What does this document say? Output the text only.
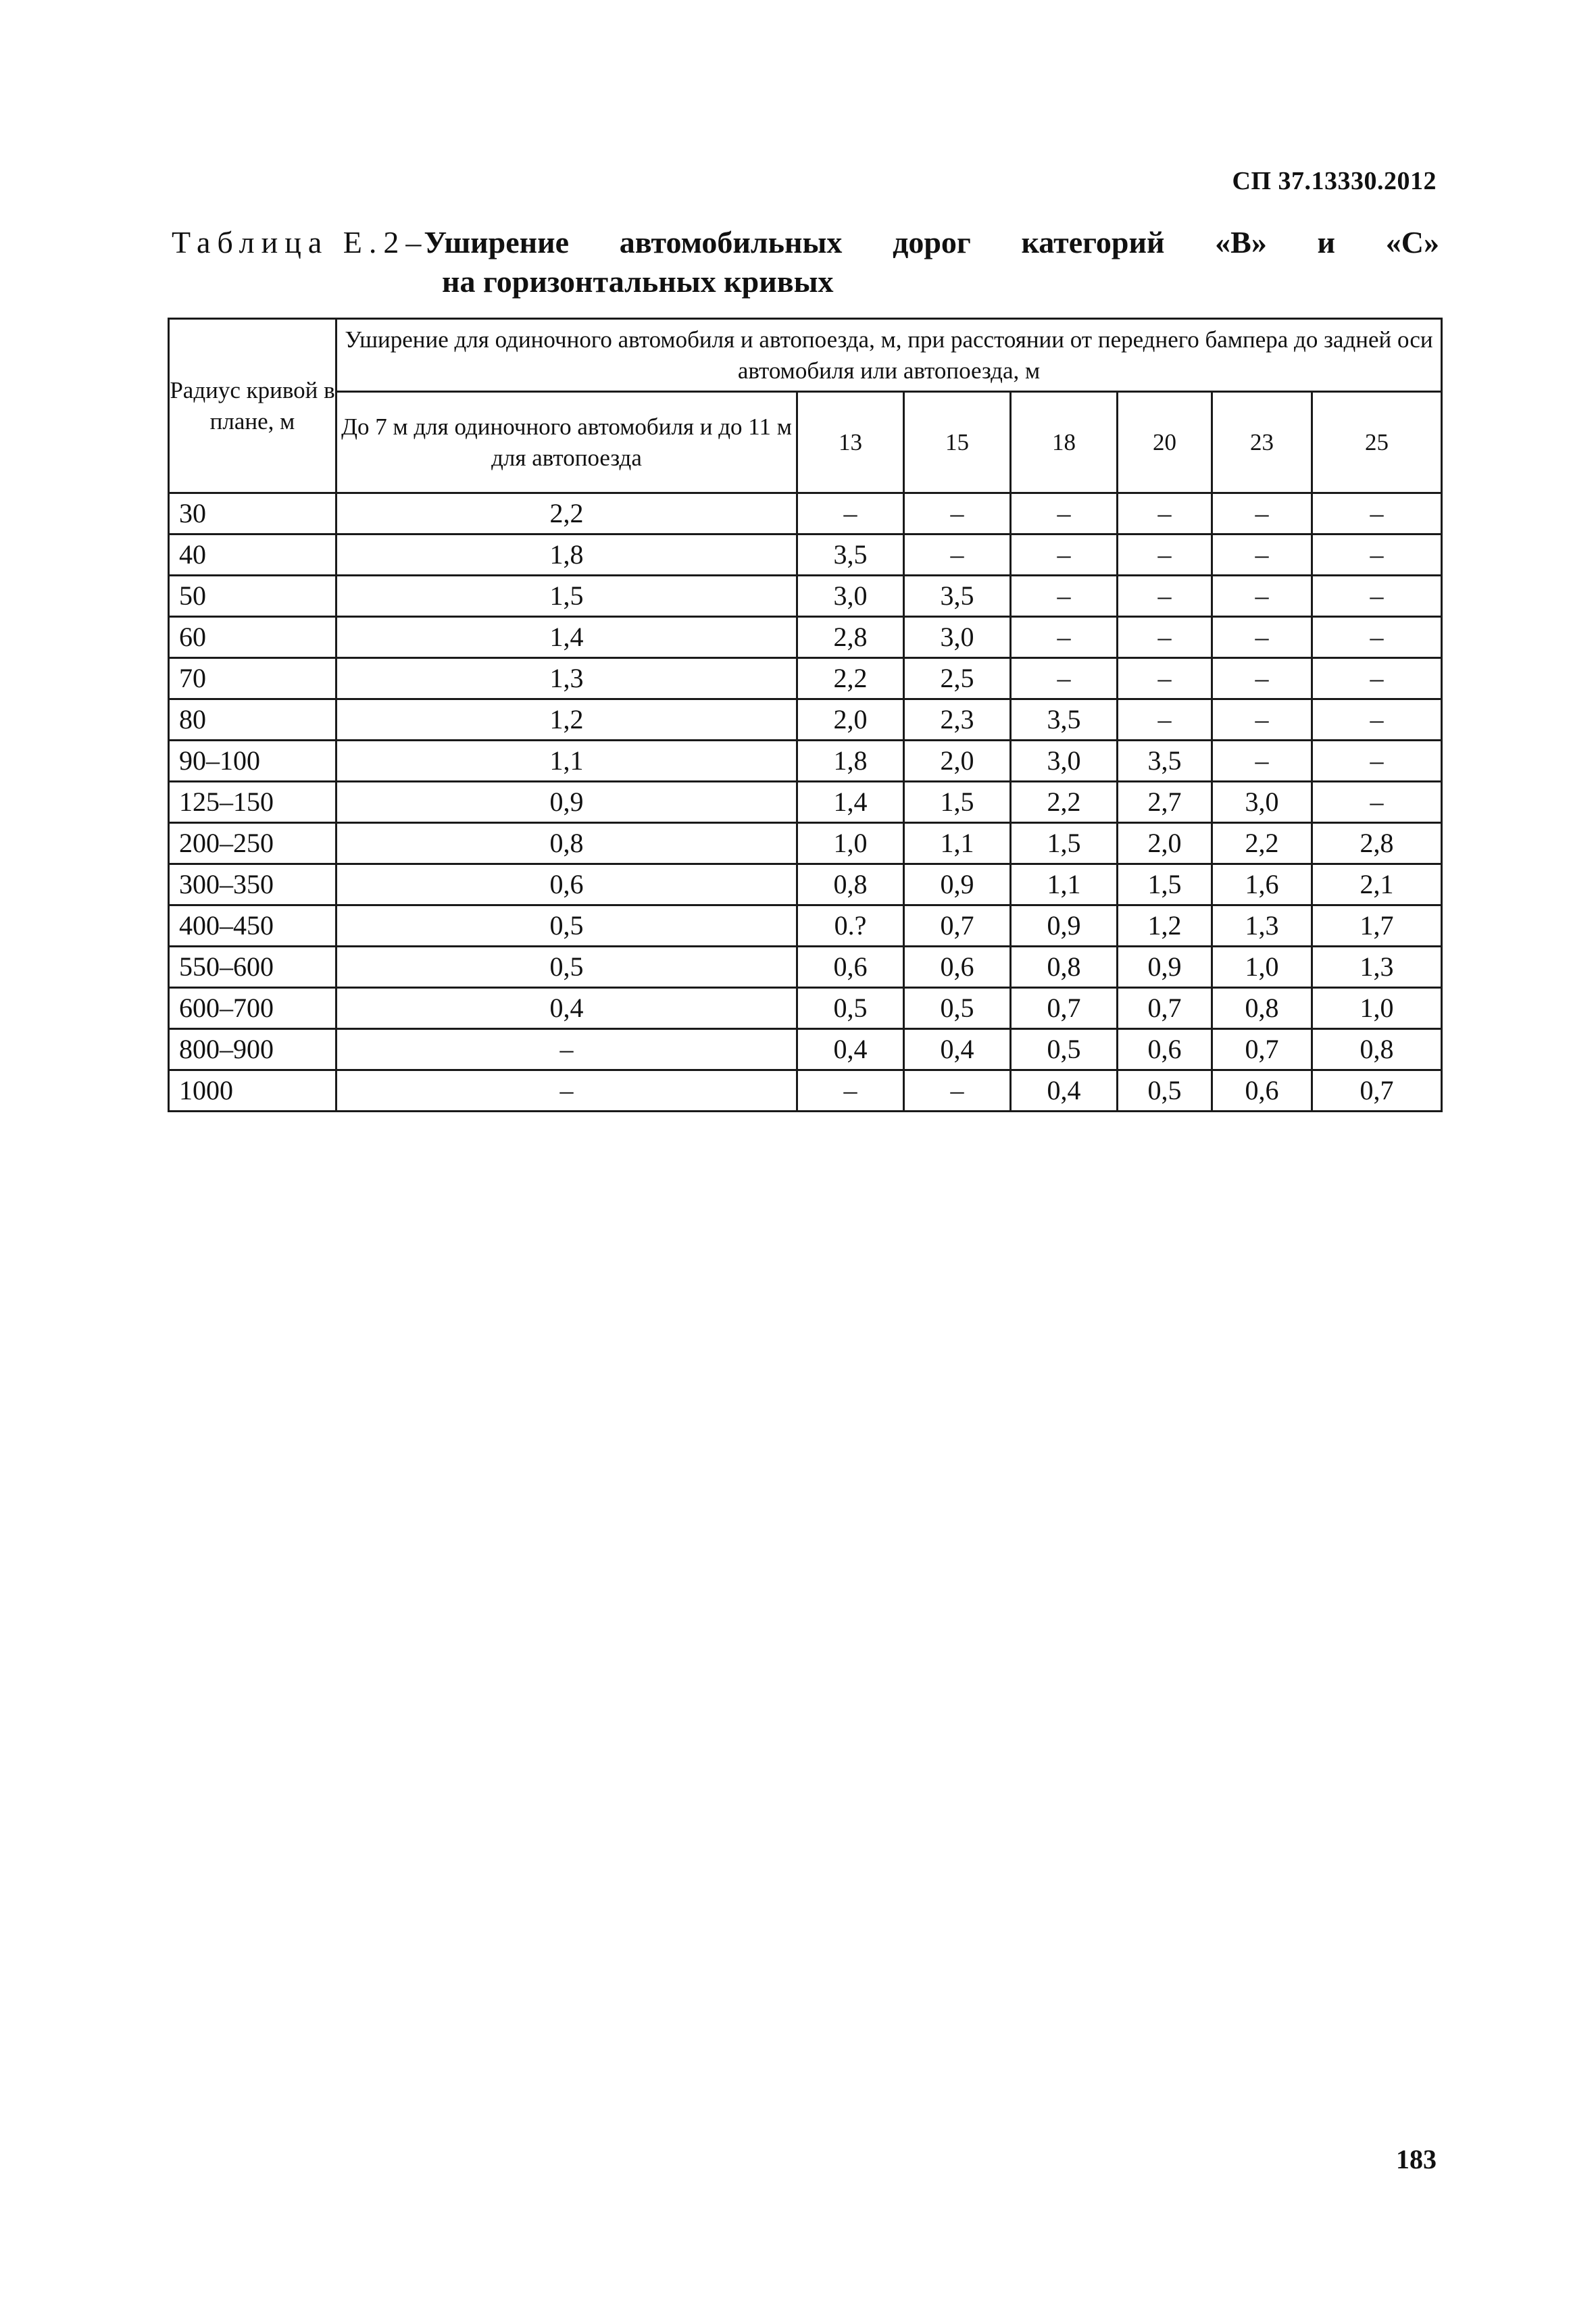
СП 37.13330.2012
Таблица Е.2 – Уширение автомобильных дорог категорий «В» и «С»
на горизонтальных кривых
Радиус кривой в плане, м	Уширение для одиночного автомобиля и автопоезда, м, при расстоянии от переднего бампера до задней оси автомобиля или автопоезда, м						
	До 7 м для одиночного автомобиля и до 11 м для автопоезда	13	15	18	20	23	25
30	2,2	–	–	–	–	–	–
40	1,8	3,5	–	–	–	–	–
50	1,5	3,0	3,5	–	–	–	–
60	1,4	2,8	3,0	–	–	–	–
70	1,3	2,2	2,5	–	–	–	–
80	1,2	2,0	2,3	3,5	–	–	–
90–100	1,1	1,8	2,0	3,0	3,5	–	–
125–150	0,9	1,4	1,5	2,2	2,7	3,0	–
200–250	0,8	1,0	1,1	1,5	2,0	2,2	2,8
300–350	0,6	0,8	0,9	1,1	1,5	1,6	2,1
400–450	0,5	0.?	0,7	0,9	1,2	1,3	1,7
550–600	0,5	0,6	0,6	0,8	0,9	1,0	1,3
600–700	0,4	0,5	0,5	0,7	0,7	0,8	1,0
800–900	–	0,4	0,4	0,5	0,6	0,7	0,8
1000	–	–	–	0,4	0,5	0,6	0,7
183
